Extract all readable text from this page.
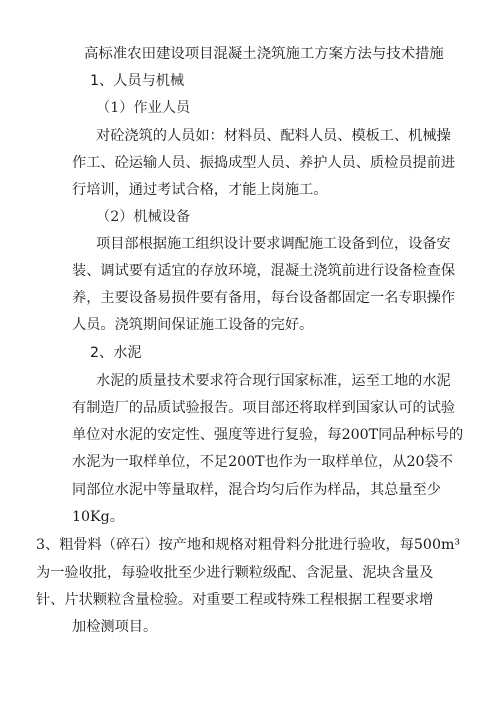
高标准农田建设项目混凝土浇筑施工方案方法与技术措施
1、人员与机械
（1）作业人员
对砼浇筑的人员如：材料员、配料人员、模板工、机械操
作工、砼运输人员、振捣成型人员、养护人员、质检员提前进
行培训，通过考试合格，才能上岗施工。
（2）机械设备
项目部根据施工组织设计要求调配施工设备到位，设备安
装、调试要有适宜的存放环境，混凝土浇筑前进行设备检查保
养，主要设备易损件要有备用，每台设备都固定一名专职操作
人员。浇筑期间保证施工设备的完好。
2、水泥
水泥的质量技术要求符合现行国家标准，运至工地的水泥
有制造厂的品质试验报告。项目部还将取样到国家认可的试验
单位对水泥的安定性、强度等进行复验，每200T同品种标号的
水泥为一取样单位，不足200T也作为一取样单位，从20袋不
同部位水泥中等量取样，混合均匀后作为样品，其总量至少
10Kg。
3、粗骨料（碎石）按产地和规格对粗骨料分批进行验收，每500m³
为一验收批，每验收批至少进行颗粒级配、含泥量、泥块含量及
针、片状颗粒含量检验。对重要工程或特殊工程根据工程要求增
加检测项目。
